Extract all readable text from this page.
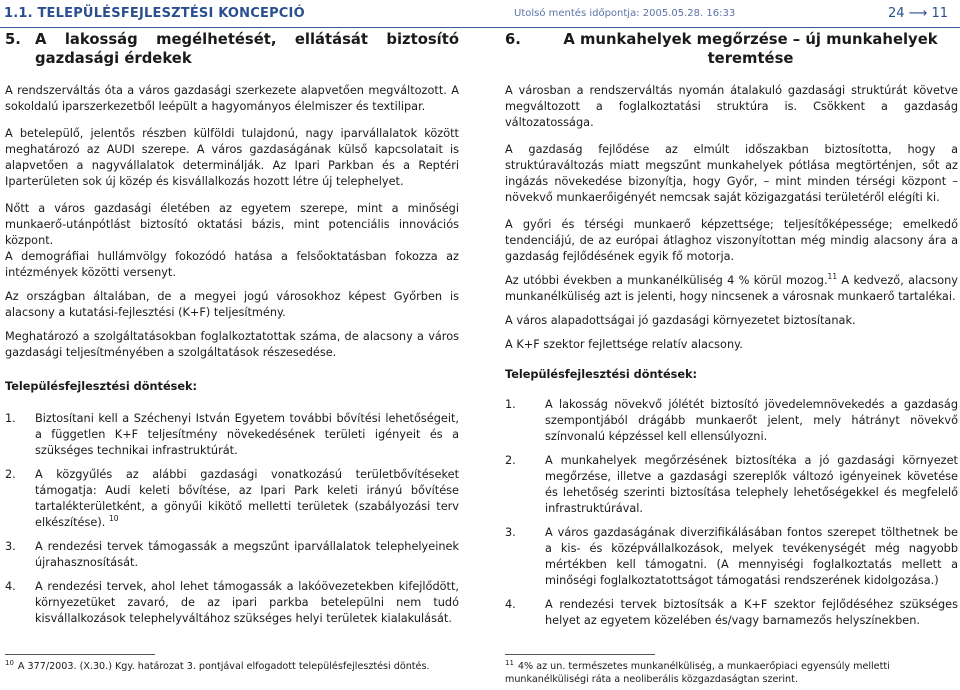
1.1. TELEPÜLÉSFEJLESZTÉSI KONCEPCIÓ	Utolsó mentés időpontja: 2005.05.28. 16:33	24 ⟶ 11
5. A lakosság megélhetését, ellátását biztosító gazdasági érdekek

A rendszerváltás óta a város gazdasági szerkezete alapvetően megváltozott. A sokoldalú iparszerkezetből leépült a hagyományos élelmiszer és textilipar.

A betelepülő, jelentős részben külföldi tulajdonú, nagy iparvállalatok között meghatározó az AUDI szerepe. A város gazdaságának külső kapcsolatait is alapvetően a nagyvállalatok determinálják. Az Ipari Parkban és a Reptéri Iparterületen sok új közép és kisvállalkozás hozott létre új telephelyet.

Nőtt a város gazdasági életében az egyetem szerepe, mint a minőségi munkaerő-utánpótlást biztosító oktatási bázis, mint potenciális innovációs központ.

A demográfiai hullámvölgy fokozódó hatása a felsőoktatásban fokozza az intézmények közötti versenyt.

Az országban általában, de a megyei jogú városokhoz képest Győrben is alacsony a kutatási-fejlesztési (K+F) teljesítmény.

Meghatározó a szolgáltatásokban foglalkoztatottak száma, de alacsony a város gazdasági teljesítményében a szolgáltatások részesedése.

Településfejlesztési döntések:
1.	Biztosítani kell a Széchenyi István Egyetem további bővítési lehetőségeit, a független K+F teljesítmény növekedésének területi igényeit és a szükséges technikai infrastruktúrát.
2.	A közgyűlés az alábbi gazdasági vonatkozású területbővítéseket támogatja: Audi keleti bővítése, az Ipari Park keleti irányú bővítése tartalékterületként, a gönyűi kikötő melletti területek (szabályozási terv elkészítése). $^{10}$
3.	A rendezési tervek támogassák a megszűnt iparvállalatok telephelyeinek újrahasznosítását.
4.	A rendezési tervek, ahol lehet támogassák a lakóövezetekben kifejlődött, környezetüket zavaró, de az ipari parkba betelepülni nem tudó kisvállalkozások telephelyváltához szükséges helyi területek kialakulását.
6.	A munkahelyek megőrzése – új munkahelyek teremtése

A városban a rendszerváltás nyomán átalakuló gazdasági struktúrát követve megváltozott a foglalkoztatási struktúra is. Csökkent a gazdaság változatossága.

A gazdaság fejlődése az elmúlt időszakban biztosította, hogy a struktúraváltozás miatt megszűnt munkahelyek pótlása megtörténjen, sőt az ingázás növekedése bizonyítja, hogy Győr, – mint minden térségi központ – növekvő munkaerőigényét nemcsak saját közigazgatási területéről elégíti ki.

A győri és térségi munkaerő képzettsége; teljesítőképessége; emelkedő tendenciájú, de az európai átlaghoz viszonyítottan még mindig alacsony ára a gazdaság fejlődésének egyik fő motorja.

Az utóbbi években a munkanélküliség 4 % körül mozog.$^{11}$ A kedvező, alacsony munkanélküliség azt is jelenti, hogy nincsenek a városnak munkaerő tartalékai.

A város alapadottságai jó gazdasági környezetet biztosítanak.

A K+F szektor fejlettsége relatív alacsony.

Településfejlesztési döntések:
1.	A lakosság növekvő jólétét biztosító jövedelemnövekedés a gazdaság szempontjából drágább munkaerőt jelent, mely hátrányt növekvő színvonalú képzéssel kell ellensúlyozni.
2.	A munkahelyek megőrzésének biztosítéka a jó gazdasági környezet megőrzése, illetve a gazdasági szereplők változó igényeinek követése és lehetőség szerinti biztosítása telephely lehetőségekkel és megfelelő infrastruktúrával.
3.	A város gazdaságának diverzifikálásában fontos szerepet tölthetnek be a kis- és középvállalkozások, melyek tevékenységét még nagyobb mértékben kell támogatni. (A mennyiségi foglalkoztatás mellett a minőségi foglalkoztatottságot támogatási rendszerének kidolgozása.)
4.	A rendezési tervek biztosítsák a K+F szektor fejlődéséhez szükséges helyet az egyetem közelében és/vagy barnamezős helyszínekben.
$^{10}$ A 377/2003. (X.30.) Kgy. határozat 3. pontjával elfogadott településfejlesztési döntés.	$^{11}$ 4% az un. természetes munkanélküliség, a munkaerőpiaci egyensúly melletti munkanélküliségi ráta a neoliberális közgazdaságtan szerint.
